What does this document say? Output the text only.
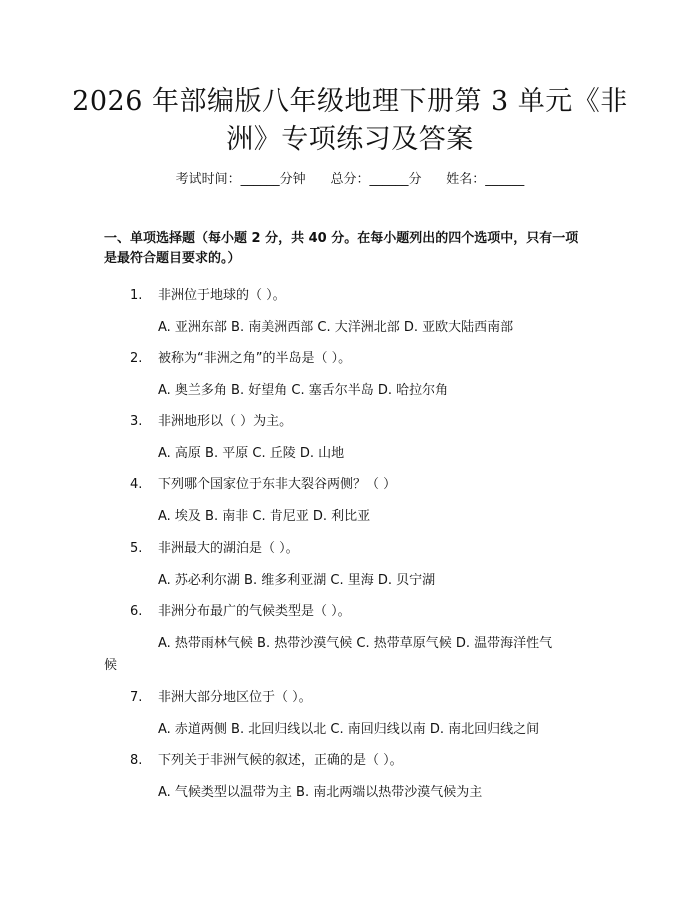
2026 年部编版八年级地理下册第 3 单元《非
洲》专项练习及答案
考试时间：______分钟 总分：______分 姓名：______
一、单项选择题（每小题 2 分，共 40 分。在每小题列出的四个选项中，只有一项
是最符合题目要求的。）
1. 非洲位于地球的（ ）。
A. 亚洲东部 B. 南美洲西部 C. 大洋洲北部 D. 亚欧大陆西南部
2. 被称为“非洲之角”的半岛是（ ）。
A. 奥兰多角 B. 好望角 C. 塞舌尔半岛 D. 哈拉尔角
3. 非洲地形以（ ）为主。
A. 高原 B. 平原 C. 丘陵 D. 山地
4. 下列哪个国家位于东非大裂谷两侧？（ ）
A. 埃及 B. 南非 C. 肯尼亚 D. 利比亚
5. 非洲最大的湖泊是（ ）。
A. 苏必利尔湖 B. 维多利亚湖 C. 里海 D. 贝宁湖
6. 非洲分布最广的气候类型是（ ）。
A. 热带雨林气候 B. 热带沙漠气候 C. 热带草原气候 D. 温带海洋性气
候
7. 非洲大部分地区位于（ ）。
A. 赤道两侧 B. 北回归线以北 C. 南回归线以南 D. 南北回归线之间
8. 下列关于非洲气候的叙述，正确的是（ ）。
A. 气候类型以温带为主 B. 南北两端以热带沙漠气候为主
